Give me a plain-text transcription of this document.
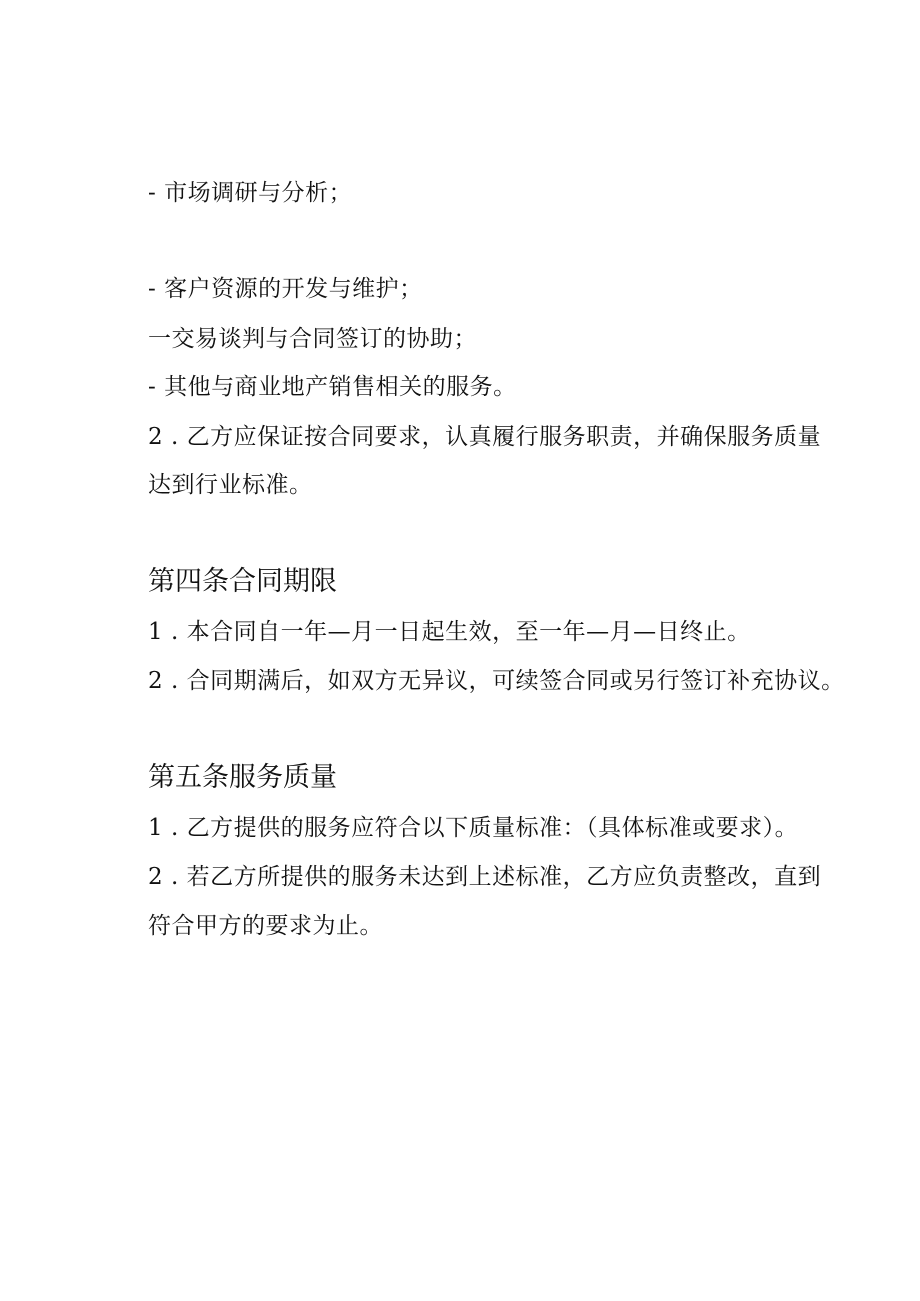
- 市场调研与分析；
- 客户资源的开发与维护；
一交易谈判与合同签订的协助；
- 其他与商业地产销售相关的服务。
2 . 乙方应保证按合同要求，认真履行服务职责，并确保服务质量
达到行业标准。
第四条合同期限
1 . 本合同自一年—月一日起生效，至一年—月—日终止。
2 . 合同期满后，如双方无异议，可续签合同或另行签订补充协议。
第五条服务质量
1 . 乙方提供的服务应符合以下质量标准：（具体标准或要求）。
2 . 若乙方所提供的服务未达到上述标准，乙方应负责整改，直到
符合甲方的要求为止。
